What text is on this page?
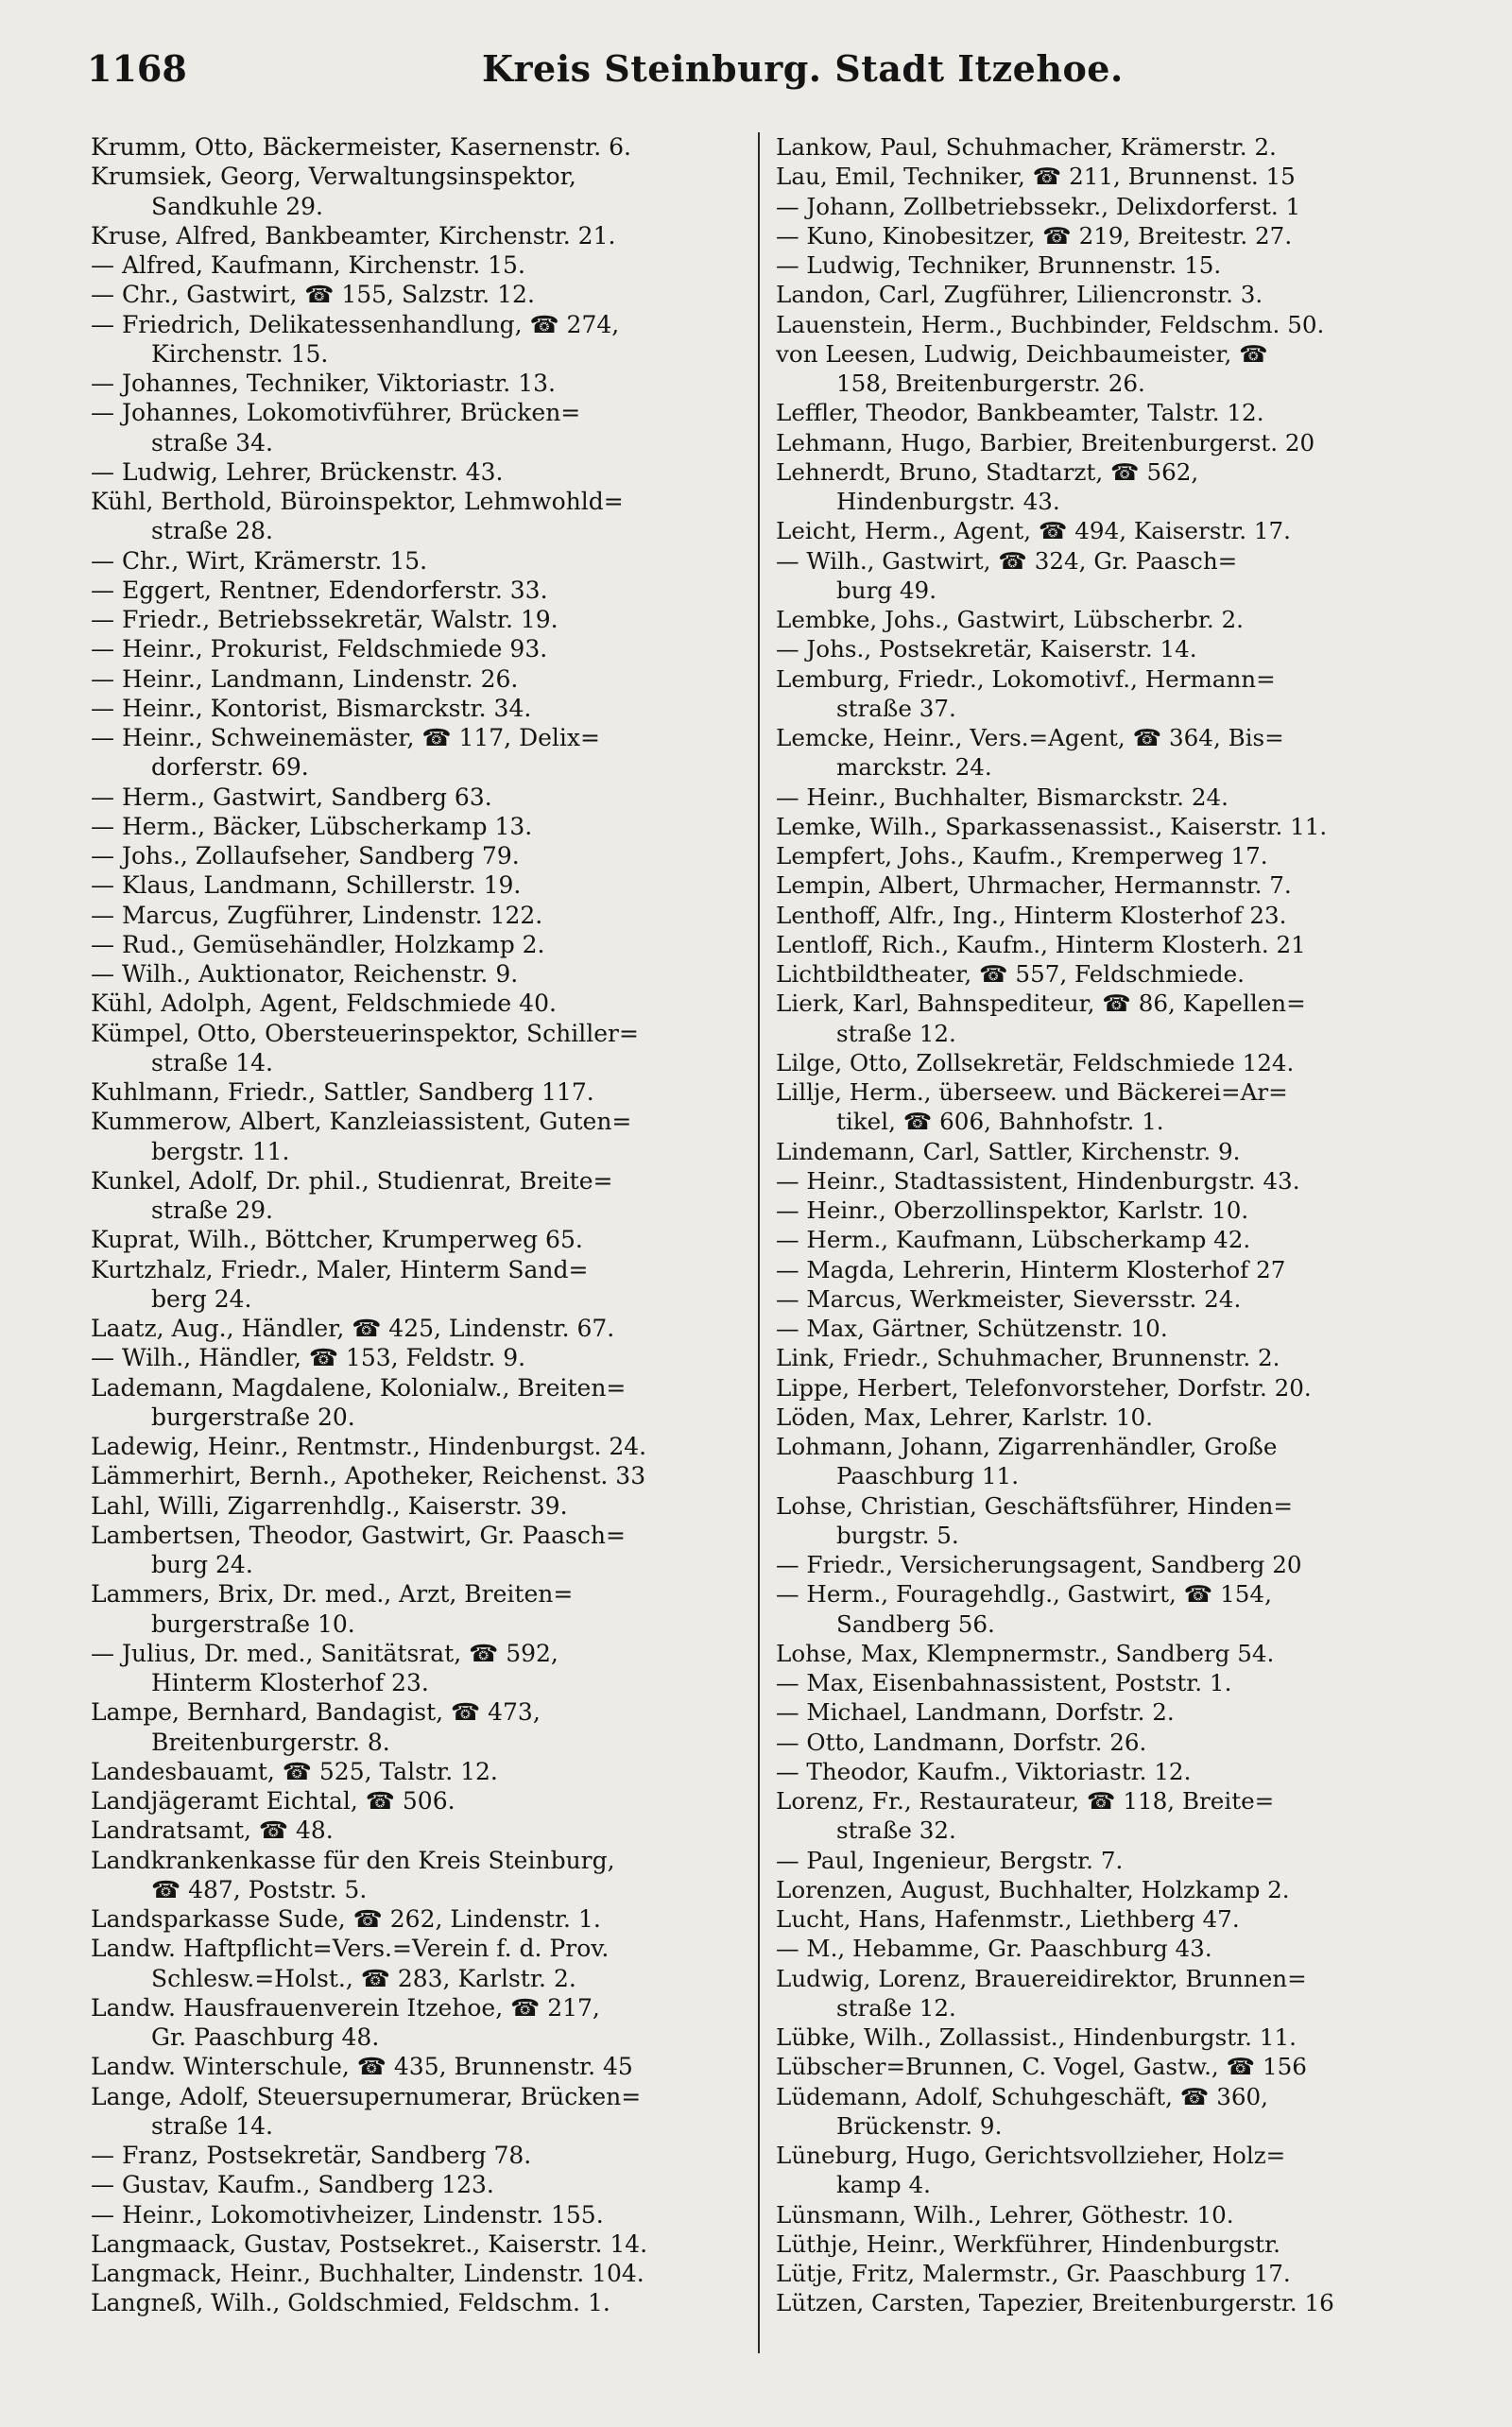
1168	Kreis Steinburg. Stadt Itzehoe.
Krumm, Otto, Bäckermeister, Kasernenstr. 6.
Krumsiek, Georg, Verwaltungsinspektor,
Sandkuhle 29.
Kruse, Alfred, Bankbeamter, Kirchenstr. 21.
— Alfred, Kaufmann, Kirchenstr. 15.
— Chr., Gastwirt, ☎ 155, Salzstr. 12.
— Friedrich, Delikatessenhandlung, ☎ 274,
Kirchenstr. 15.
— Johannes, Techniker, Viktoriastr. 13.
— Johannes, Lokomotivführer, Brücken=
straße 34.
— Ludwig, Lehrer, Brückenstr. 43.
Kühl, Berthold, Büroinspektor, Lehmwohld=
straße 28.
— Chr., Wirt, Krämerstr. 15.
— Eggert, Rentner, Edendorferstr. 33.
— Friedr., Betriebssekretär, Walstr. 19.
— Heinr., Prokurist, Feldschmiede 93.
— Heinr., Landmann, Lindenstr. 26.
— Heinr., Kontorist, Bismarckstr. 34.
— Heinr., Schweinemäster, ☎ 117, Delix=
dorferstr. 69.
— Herm., Gastwirt, Sandberg 63.
— Herm., Bäcker, Lübscherkamp 13.
— Johs., Zollaufseher, Sandberg 79.
— Klaus, Landmann, Schillerstr. 19.
— Marcus, Zugführer, Lindenstr. 122.
— Rud., Gemüsehändler, Holzkamp 2.
— Wilh., Auktionator, Reichenstr. 9.
Kühl, Adolph, Agent, Feldschmiede 40.
Kümpel, Otto, Obersteuerinspektor, Schiller=
straße 14.
Kuhlmann, Friedr., Sattler, Sandberg 117.
Kummerow, Albert, Kanzleiassistent, Guten=
bergstr. 11.
Kunkel, Adolf, Dr. phil., Studienrat, Breite=
straße 29.
Kuprat, Wilh., Böttcher, Krumperweg 65.
Kurtzhalz, Friedr., Maler, Hinterm Sand=
berg 24.
Laatz, Aug., Händler, ☎ 425, Lindenstr. 67.
— Wilh., Händler, ☎ 153, Feldstr. 9.
Lademann, Magdalene, Kolonialw., Breiten=
burgerstraße 20.
Ladewig, Heinr., Rentmstr., Hindenburgst. 24.
Lämmerhirt, Bernh., Apotheker, Reichenst. 33
Lahl, Willi, Zigarrenhdlg., Kaiserstr. 39.
Lambertsen, Theodor, Gastwirt, Gr. Paasch=
burg 24.
Lammers, Brix, Dr. med., Arzt, Breiten=
burgerstraße 10.
— Julius, Dr. med., Sanitätsrat, ☎ 592,
Hinterm Klosterhof 23.
Lampe, Bernhard, Bandagist, ☎ 473,
Breitenburgerstr. 8.
Landesbauamt, ☎ 525, Talstr. 12.
Landjägeramt Eichtal, ☎ 506.
Landratsamt, ☎ 48.
Landkrankenkasse für den Kreis Steinburg,
☎ 487, Poststr. 5.
Landsparkasse Sude, ☎ 262, Lindenstr. 1.
Landw. Haftpflicht=Vers.=Verein f. d. Prov.
Schlesw.=Holst., ☎ 283, Karlstr. 2.
Landw. Hausfrauenverein Itzehoe, ☎ 217,
Gr. Paaschburg 48.
Landw. Winterschule, ☎ 435, Brunnenstr. 45
Lange, Adolf, Steuersupernumerar, Brücken=
straße 14.
— Franz, Postsekretär, Sandberg 78.
— Gustav, Kaufm., Sandberg 123.
— Heinr., Lokomotivheizer, Lindenstr. 155.
Langmaack, Gustav, Postsekret., Kaiserstr. 14.
Langmack, Heinr., Buchhalter, Lindenstr. 104.
Langneß, Wilh., Goldschmied, Feldschm. 1.
Lankow, Paul, Schuhmacher, Krämerstr. 2.
Lau, Emil, Techniker, ☎ 211, Brunnenst. 15
— Johann, Zollbetriebssekr., Delixdorferst. 1
— Kuno, Kinobesitzer, ☎ 219, Breitestr. 27.
— Ludwig, Techniker, Brunnenstr. 15.
Landon, Carl, Zugführer, Liliencronstr. 3.
Lauenstein, Herm., Buchbinder, Feldschm. 50.
von Leesen, Ludwig, Deichbaumeister, ☎
158, Breitenburgerstr. 26.
Leffler, Theodor, Bankbeamter, Talstr. 12.
Lehmann, Hugo, Barbier, Breitenburgerst. 20
Lehnerdt, Bruno, Stadtarzt, ☎ 562,
Hindenburgstr. 43.
Leicht, Herm., Agent, ☎ 494, Kaiserstr. 17.
— Wilh., Gastwirt, ☎ 324, Gr. Paasch=
burg 49.
Lembke, Johs., Gastwirt, Lübscherbr. 2.
— Johs., Postsekretär, Kaiserstr. 14.
Lemburg, Friedr., Lokomotivf., Hermann=
straße 37.
Lemcke, Heinr., Vers.=Agent, ☎ 364, Bis=
marckstr. 24.
— Heinr., Buchhalter, Bismarckstr. 24.
Lemke, Wilh., Sparkassenassist., Kaiserstr. 11.
Lempfert, Johs., Kaufm., Kremperweg 17.
Lempin, Albert, Uhrmacher, Hermannstr. 7.
Lenthoff, Alfr., Ing., Hinterm Klosterhof 23.
Lentloff, Rich., Kaufm., Hinterm Klosterh. 21
Lichtbildtheater, ☎ 557, Feldschmiede.
Lierk, Karl, Bahnspediteur, ☎ 86, Kapellen=
straße 12.
Lilge, Otto, Zollsekretär, Feldschmiede 124.
Lillje, Herm., überseew. und Bäckerei=Ar=
tikel, ☎ 606, Bahnhofstr. 1.
Lindemann, Carl, Sattler, Kirchenstr. 9.
— Heinr., Stadtassistent, Hindenburgstr. 43.
— Heinr., Oberzollinspektor, Karlstr. 10.
— Herm., Kaufmann, Lübscherkamp 42.
— Magda, Lehrerin, Hinterm Klosterhof 27
— Marcus, Werkmeister, Sieversstr. 24.
— Max, Gärtner, Schützenstr. 10.
Link, Friedr., Schuhmacher, Brunnenstr. 2.
Lippe, Herbert, Telefonvorsteher, Dorfstr. 20.
Löden, Max, Lehrer, Karlstr. 10.
Lohmann, Johann, Zigarrenhändler, Große
Paaschburg 11.
Lohse, Christian, Geschäftsführer, Hinden=
burgstr. 5.
— Friedr., Versicherungsagent, Sandberg 20
— Herm., Fouragehdlg., Gastwirt, ☎ 154,
Sandberg 56.
Lohse, Max, Klempnermstr., Sandberg 54.
— Max, Eisenbahnassistent, Poststr. 1.
— Michael, Landmann, Dorfstr. 2.
— Otto, Landmann, Dorfstr. 26.
— Theodor, Kaufm., Viktoriastr. 12.
Lorenz, Fr., Restaurateur, ☎ 118, Breite=
straße 32.
— Paul, Ingenieur, Bergstr. 7.
Lorenzen, August, Buchhalter, Holzkamp 2.
Lucht, Hans, Hafenmstr., Liethberg 47.
— M., Hebamme, Gr. Paaschburg 43.
Ludwig, Lorenz, Brauereidirektor, Brunnen=
straße 12.
Lübke, Wilh., Zollassist., Hindenburgstr. 11.
Lübscher=Brunnen, C. Vogel, Gastw., ☎ 156
Lüdemann, Adolf, Schuhgeschäft, ☎ 360,
Brückenstr. 9.
Lüneburg, Hugo, Gerichtsvollzieher, Holz=
kamp 4.
Lünsmann, Wilh., Lehrer, Göthestr. 10.
Lüthje, Heinr., Werkführer, Hindenburgstr.
Lütje, Fritz, Malermstr., Gr. Paaschburg 17.
Lützen, Carsten, Tapezier, Breitenburgerstr. 16
